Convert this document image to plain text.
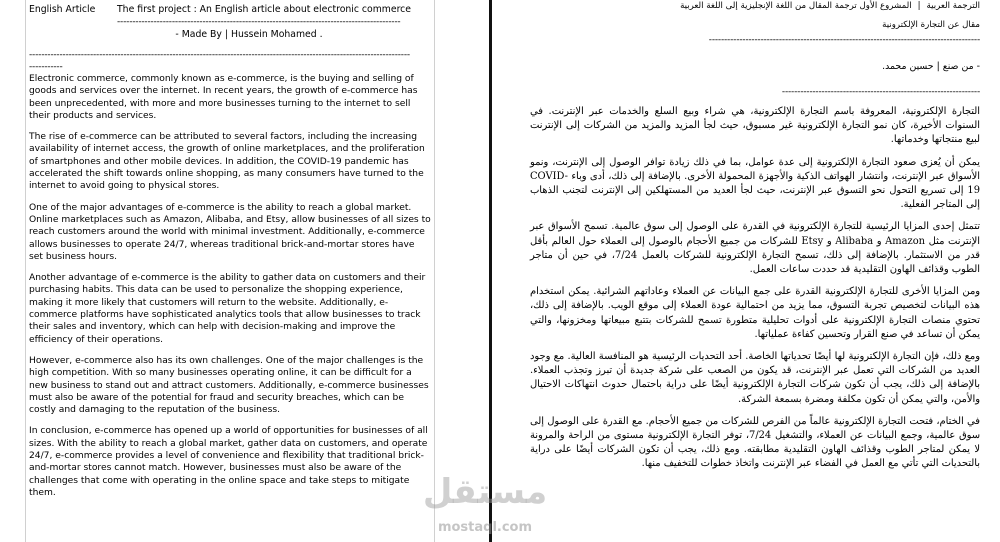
English Article The first project : An English article about electronic commerce
---------------------------------------------------------------------------------------------
- Made By | Hussein Mohamed .
-----------------------------------------------------------------------------------------------------------------------------
-----------

Electronic commerce, commonly known as e-commerce, is the buying and selling of goods and services over the internet. In recent years, the growth of e-commerce has been unprecedented, with more and more businesses turning to the internet to sell their products and services.

The rise of e-commerce can be attributed to several factors, including the increasing availability of internet access, the growth of online marketplaces, and the proliferation of smartphones and other mobile devices. In addition, the COVID-19 pandemic has accelerated the shift towards online shopping, as many consumers have turned to the internet to avoid going to physical stores.

One of the major advantages of e-commerce is the ability to reach a global market. Online marketplaces such as Amazon, Alibaba, and Etsy, allow businesses of all sizes to reach customers around the world with minimal investment. Additionally, e-commerce allows businesses to operate 24/7, whereas traditional brick-and-mortar stores have set business hours.

Another advantage of e-commerce is the ability to gather data on customers and their purchasing habits. This data can be used to personalize the shopping experience, making it more likely that customers will return to the website. Additionally, e-commerce platforms have sophisticated analytics tools that allow businesses to track their sales and inventory, which can help with decision-making and improve the efficiency of their operations.

However, e-commerce also has its own challenges. One of the major challenges is the high competition. With so many businesses operating online, it can be difficult for a new business to stand out and attract customers. Additionally, e-commerce businesses must also be aware of the potential for fraud and security breaches, which can be costly and damaging to the reputation of the business.

In conclusion, e-commerce has opened up a world of opportunities for businesses of all sizes. With the ability to reach a global market, gather data on customers, and operate 24/7, e-commerce provides a level of convenience and flexibility that traditional brick-and-mortar stores cannot match. However, businesses must also be aware of the challenges that come with operating in the online space and take steps to mitigate them.

الترجمة العربية|المشروع الأول ترجمة المقال من اللغة الإنجليزية إلى اللغة العربية
مقال عن التجارة الإلكترونية
-----------------------------------------------------------------------------------------
- من صنع | حسين محمد.
-----------------------------------------------------------------

التجارة الإلكترونية، المعروفة باسم التجارة الإلكترونية، هي شراء وبيع السلع والخدمات عبر الإنترنت. في السنوات الأخيرة، كان نمو التجارة الإلكترونية غير مسبوق، حيث لجأ المزيد والمزيد من الشركات إلى الإنترنت لبيع منتجاتها وخدماتها.

يمكن أن يُعزى صعود التجارة الإلكترونية إلى عدة عوامل، بما في ذلك زيادة توافر الوصول إلى الإنترنت، ونمو الأسواق عبر الإنترنت، وانتشار الهواتف الذكية والأجهزة المحمولة الأخرى. بالإضافة إلى ذلك، أدى وباء COVID-19 إلى تسريع التحول نحو التسوق عبر الإنترنت، حيث لجأ العديد من المستهلكين إلى الإنترنت لتجنب الذهاب إلى المتاجر الفعلية.

تتمثل إحدى المزايا الرئيسية للتجارة الإلكترونية في القدرة على الوصول إلى سوق عالمية. تسمح الأسواق عبر الإنترنت مثل Amazon و Alibaba و Etsy للشركات من جميع الأحجام بالوصول إلى العملاء حول العالم بأقل قدر من الاستثمار. بالإضافة إلى ذلك، تسمح التجارة الإلكترونية للشركات بالعمل 7/24، في حين أن متاجر الطوب وقذائف الهاون التقليدية قد حددت ساعات العمل.

ومن المزايا الأخرى للتجارة الإلكترونية القدرة على جمع البيانات عن العملاء وعاداتهم الشرائية. يمكن استخدام هذه البيانات لتخصيص تجربة التسوق، مما يزيد من احتمالية عودة العملاء إلى موقع الويب. بالإضافة إلى ذلك، تحتوي منصات التجارة الإلكترونية على أدوات تحليلية متطورة تسمح للشركات بتتبع مبيعاتها ومخزونها، والتي يمكن أن تساعد في صنع القرار وتحسين كفاءة عملياتها.

ومع ذلك، فإن التجارة الإلكترونية لها أيضًا تحدياتها الخاصة. أحد التحديات الرئيسية هو المنافسة العالية. مع وجود العديد من الشركات التي تعمل عبر الإنترنت، قد يكون من الصعب على شركة جديدة أن تبرز وتجذب العملاء. بالإضافة إلى ذلك، يجب أن تكون شركات التجارة الإلكترونية أيضًا على دراية باحتمال حدوث انتهاكات الاحتيال والأمن، والتي يمكن أن تكون مكلفة ومضرة بسمعة الشركة.

في الختام، فتحت التجارة الإلكترونية عالماً من الفرص للشركات من جميع الأحجام. مع القدرة على الوصول إلى سوق عالمية، وجمع البيانات عن العملاء، والتشغيل 7/24، توفر التجارة الإلكترونية مستوى من الراحة والمرونة لا يمكن لمتاجر الطوب وقذائف الهاون التقليدية مطابقته. ومع ذلك، يجب أن تكون الشركات أيضًا على دراية بالتحديات التي تأتي مع العمل في الفضاء عبر الإنترنت واتخاذ خطوات للتخفيف منها.

مستقل
mostaql.com
